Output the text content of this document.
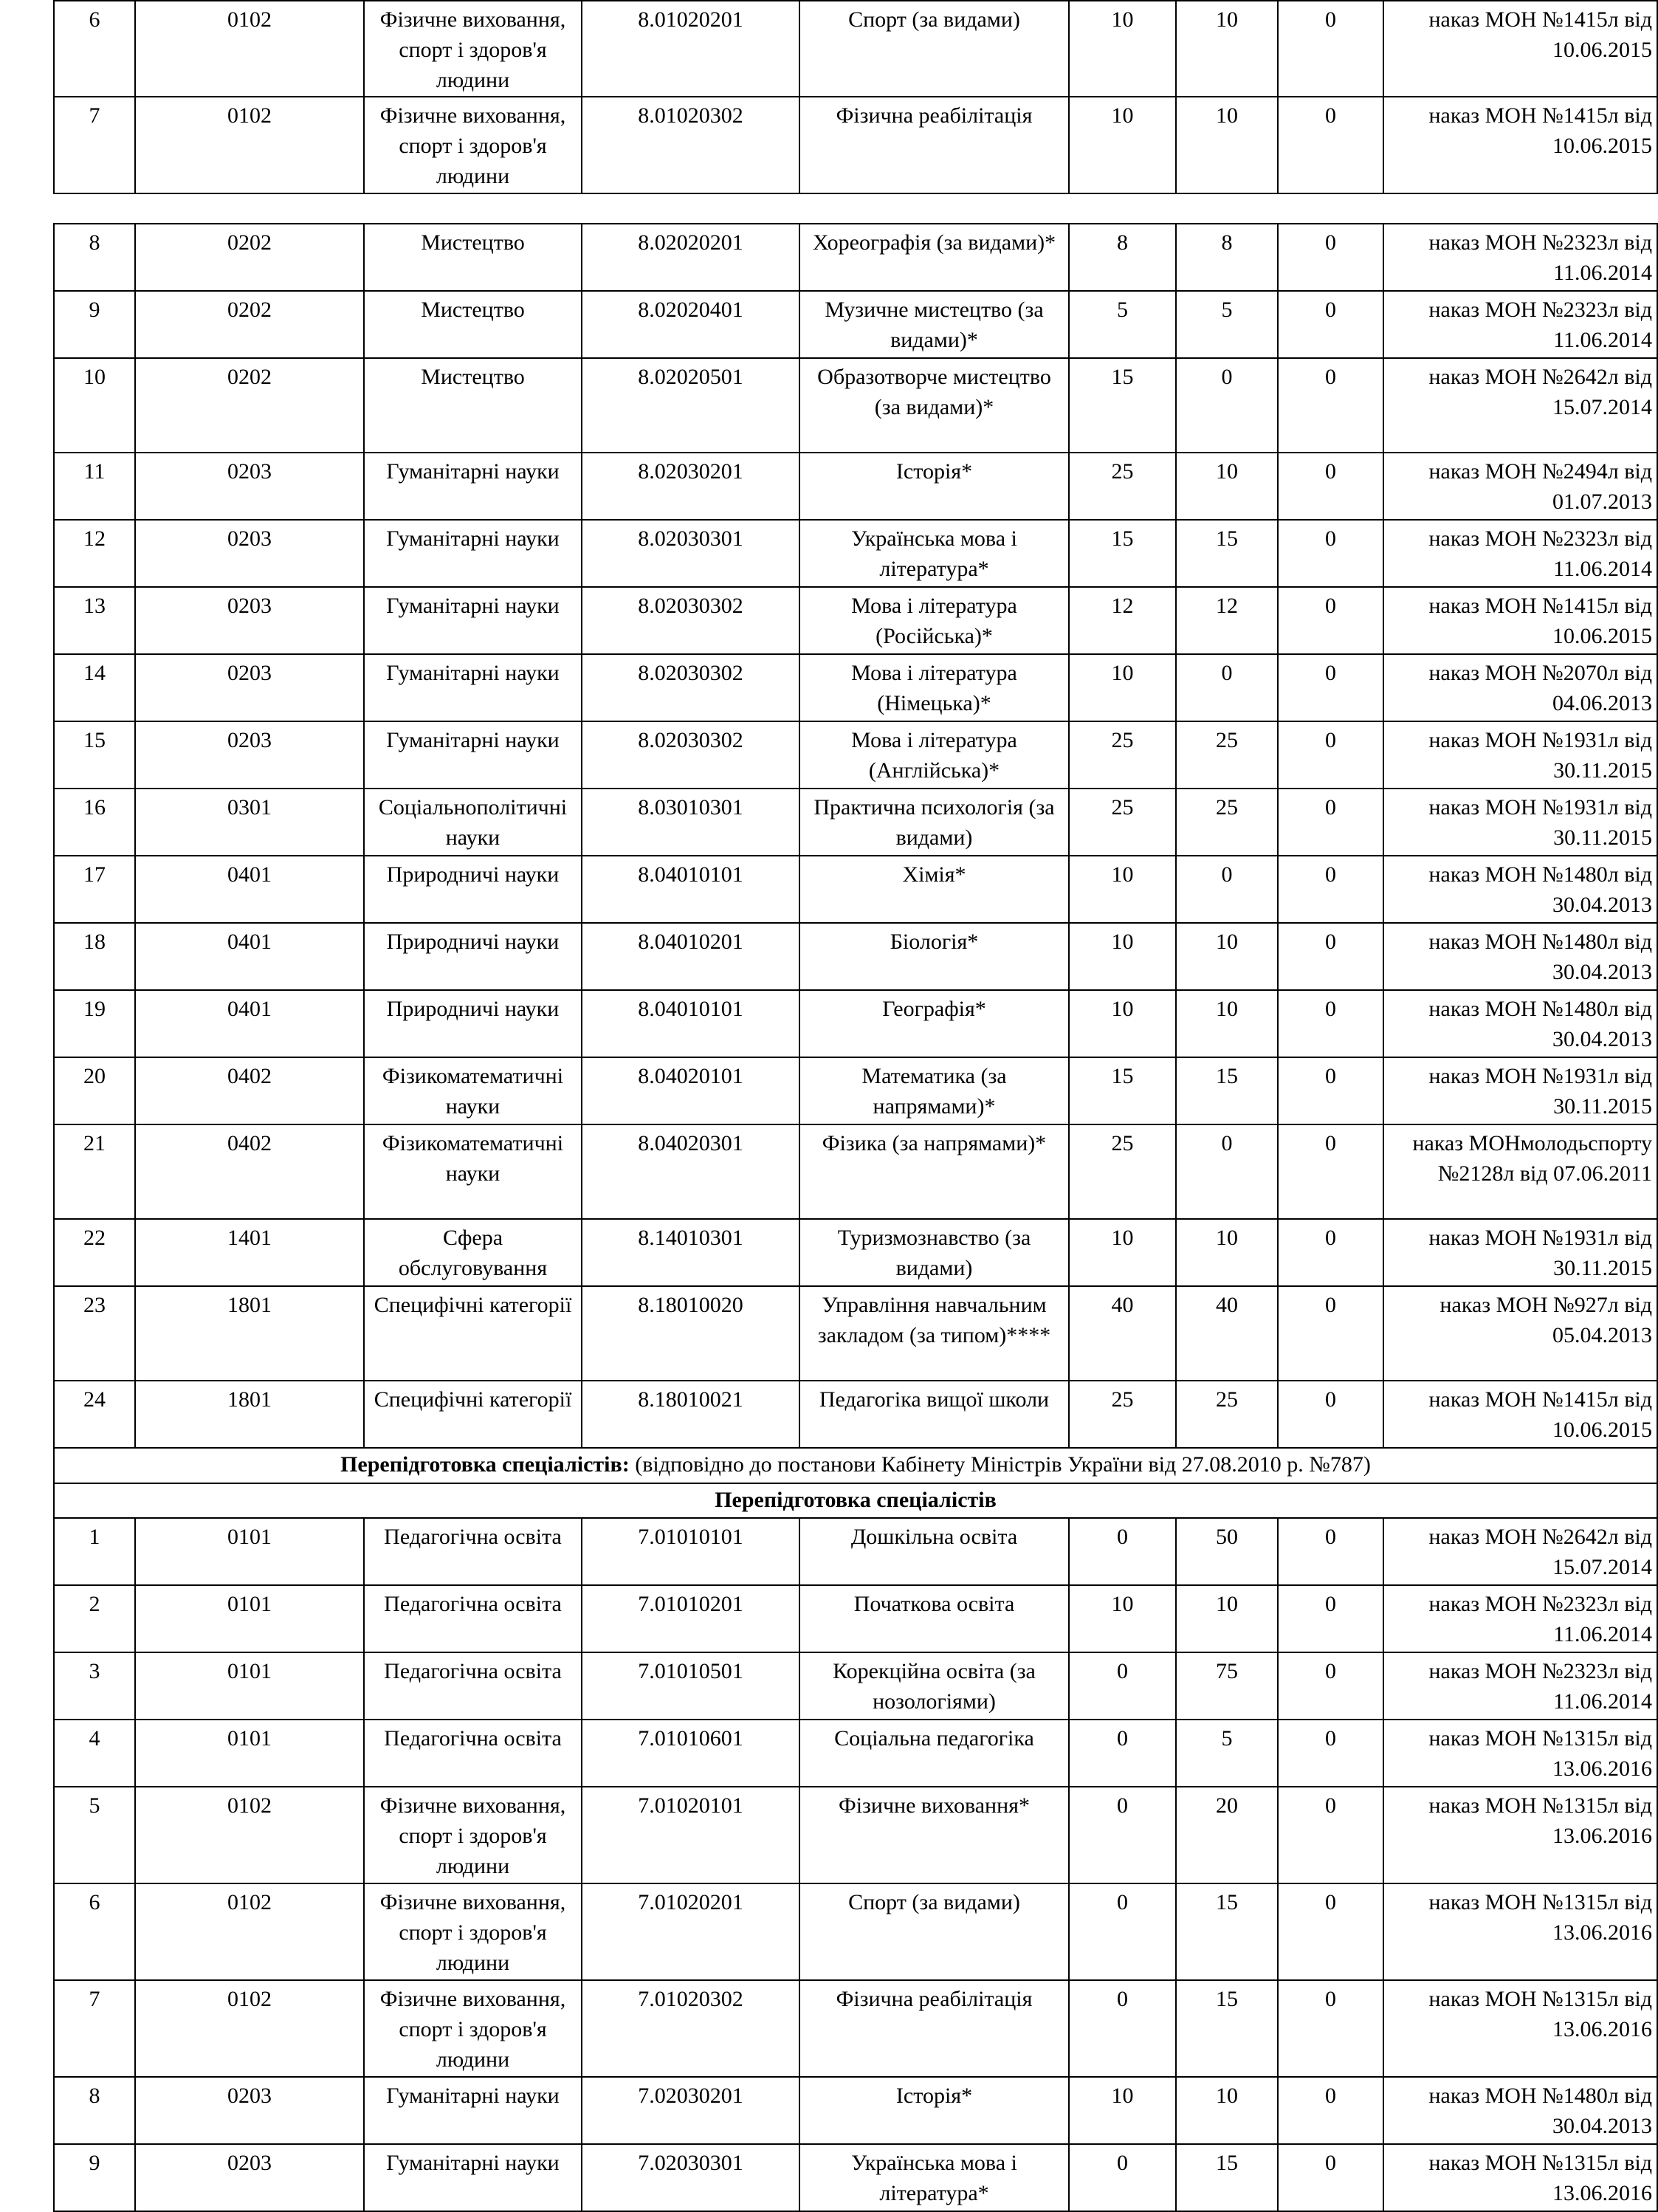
6	0102	Фізичне виховання, спорт і здоров'я людини	8.01020201	Спорт (за видами)	10	10	0	наказ МОН №1415л від 10.06.2015
7	0102	Фізичне виховання, спорт і здоров'я людини	8.01020302	Фізична реабілітація	10	10	0	наказ МОН №1415л від 10.06.2015
8	0202	Мистецтво	8.02020201	Хореографія (за видами)*	8	8	0	наказ МОН №2323л від 11.06.2014
9	0202	Мистецтво	8.02020401	Музичне мистецтво (за видами)*	5	5	0	наказ МОН №2323л від 11.06.2014
10	0202	Мистецтво	8.02020501	Образотворче мистецтво (за видами)*	15	0	0	наказ МОН №2642л від 15.07.2014
11	0203	Гуманітарні науки	8.02030201	Історія*	25	10	0	наказ МОН №2494л від 01.07.2013
12	0203	Гуманітарні науки	8.02030301	Українська мова і література*	15	15	0	наказ МОН №2323л від 11.06.2014
13	0203	Гуманітарні науки	8.02030302	Мова і література (Російська)*	12	12	0	наказ МОН №1415л від 10.06.2015
14	0203	Гуманітарні науки	8.02030302	Мова і література (Німецька)*	10	0	0	наказ МОН №2070л від 04.06.2013
15	0203	Гуманітарні науки	8.02030302	Мова і література (Англійська)*	25	25	0	наказ МОН №1931л від 30.11.2015
16	0301	Соціальнополітичні науки	8.03010301	Практична психологія (за видами)	25	25	0	наказ МОН №1931л від 30.11.2015
17	0401	Природничі науки	8.04010101	Хімія*	10	0	0	наказ МОН №1480л від 30.04.2013
18	0401	Природничі науки	8.04010201	Біологія*	10	10	0	наказ МОН №1480л від 30.04.2013
19	0401	Природничі науки	8.04010101	Географія*	10	10	0	наказ МОН №1480л від 30.04.2013
20	0402	Фізикоматематичні науки	8.04020101	Математика (за напрямами)*	15	15	0	наказ МОН №1931л від 30.11.2015
21	0402	Фізикоматематичні науки	8.04020301	Фізика (за напрямами)*	25	0	0	наказ МОНмолодьспорту №2128л від 07.06.2011
22	1401	Сфера обслуговування	8.14010301	Туризмознавство (за видами)	10	10	0	наказ МОН №1931л від 30.11.2015
23	1801	Специфічні категорії	8.18010020	Управління навчальним закладом (за типом)****	40	40	0	наказ МОН №927л від 05.04.2013
24	1801	Специфічні категорії	8.18010021	Педагогіка вищої школи	25	25	0	наказ МОН №1415л від 10.06.2015
Перепідготовка спеціалістів: (відповідно до постанови Кабінету Міністрів України від 27.08.2010 р. №787)								
Перепідготовка спеціалістів								
1	0101	Педагогічна освіта	7.01010101	Дошкільна освіта	0	50	0	наказ МОН №2642л від 15.07.2014
2	0101	Педагогічна освіта	7.01010201	Початкова освіта	10	10	0	наказ МОН №2323л від 11.06.2014
3	0101	Педагогічна освіта	7.01010501	Корекційна освіта (за нозологіями)	0	75	0	наказ МОН №2323л від 11.06.2014
4	0101	Педагогічна освіта	7.01010601	Соціальна педагогіка	0	5	0	наказ МОН №1315л від 13.06.2016
5	0102	Фізичне виховання, спорт і здоров'я людини	7.01020101	Фізичне виховання*	0	20	0	наказ МОН №1315л від 13.06.2016
6	0102	Фізичне виховання, спорт і здоров'я людини	7.01020201	Спорт (за видами)	0	15	0	наказ МОН №1315л від 13.06.2016
7	0102	Фізичне виховання, спорт і здоров'я людини	7.01020302	Фізична реабілітація	0	15	0	наказ МОН №1315л від 13.06.2016
8	0203	Гуманітарні науки	7.02030201	Історія*	10	10	0	наказ МОН №1480л від 30.04.2013
9	0203	Гуманітарні науки	7.02030301	Українська мова і література*	0	15	0	наказ МОН №1315л від 13.06.2016
